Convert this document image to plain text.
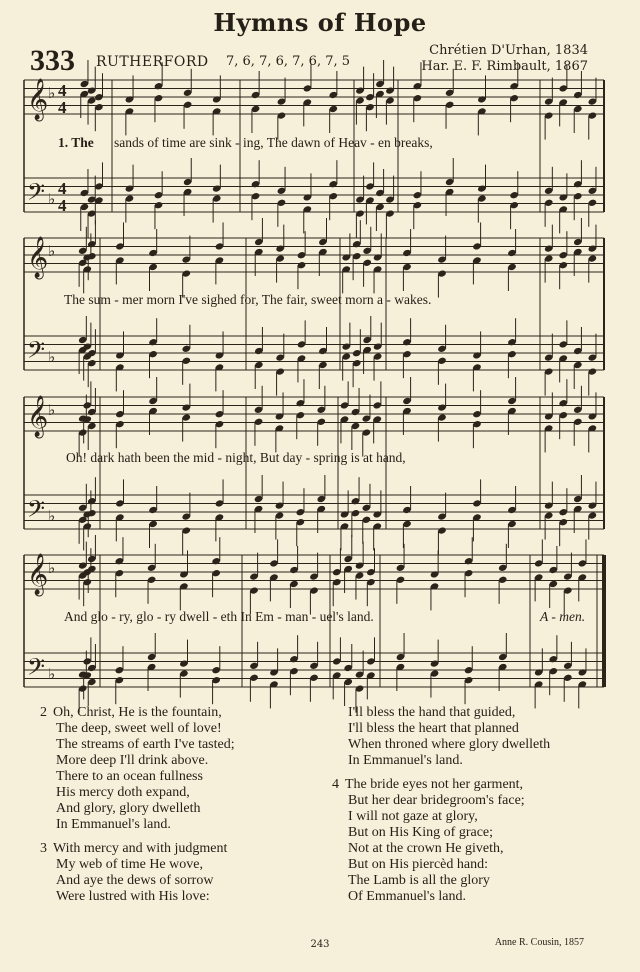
Hymns of Hope
333 RUTHERFORD 7, 6, 7, 6, 7, 6, 7, 5
Chrétien D'Urhan, 1834
Har. E. F. Rimbault, 1867
𝄞 ♭ 4
4
𝄢 ♭
4
4
𝄞 ♭
𝄢 ♭
𝄞 ♭
𝄢 ♭
𝄞 ♭
𝄢 ♭
1. The sands of time are sink - ing, The dawn of Heav - en breaks,
The sum - mer morn I've sighed for, The fair, sweet morn a - wakes.
Oh! dark hath been the mid - night, But day - spring is at hand,
And glo - ry, glo - ry dwell - eth In Em - man - uel's land.	A - men.

2 Oh, Christ, He is the fountain,

The deep, sweet well of love!

The streams of earth I've tasted;

More deep I'll drink above.

There to an ocean fullness

His mercy doth expand,

And glory, glory dwelleth

In Emmanuel's land.

3 With mercy and with judgment

My web of time He wove,

And aye the dews of sorrow

Were lustred with His love:

I'll bless the hand that guided,

I'll bless the heart that planned

When throned where glory dwelleth

In Emmanuel's land.

4 The bride eyes not her garment,

But her dear bridegroom's face;

I will not gaze at glory,

But on His King of grace;

Not at the crown He giveth,

But on His piercèd hand:

The Lamb is all the glory

Of Emmanuel's land.

243	Anne R. Cousin, 1857
